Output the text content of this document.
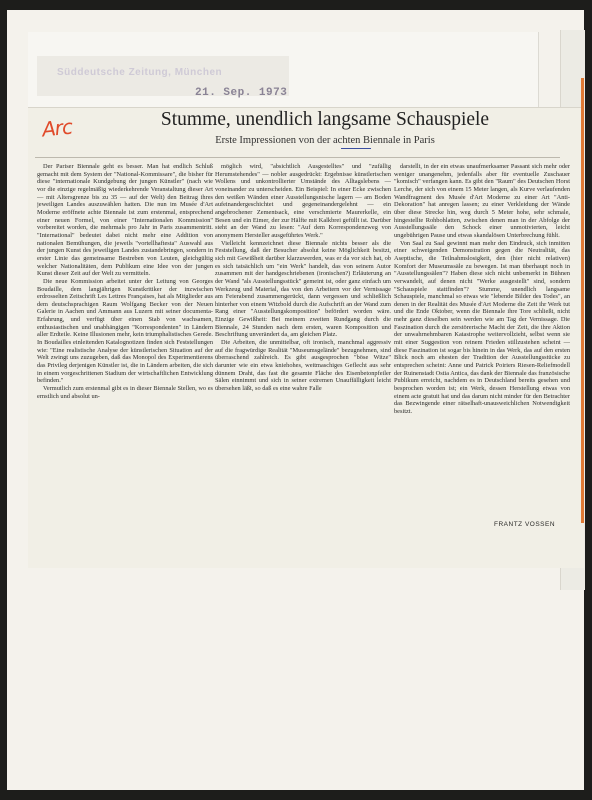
Süddeutsche Zeitung, München
21. Sep. 1973
Arc	Stumme, unendlich langsame Schauspiele
Erste Impressionen von der achten Biennale in Paris

Der Pariser Biennale geht es besser. Man hat endlich Schluß gemacht mit dem System der "National-Kommissare", die bisher für diese "internationale Kundgebung der jungen Künstler" (nach wie vor die einzige regelmäßig wiederkehrende Veranstaltung dieser Art — mit Altersgrenze bis zu 35 — auf der Welt) den Beitrag ihres jeweiligen Landes auszuwählen hatten. Die nun im Musée d'Art Moderne eröffnete achte Biennale ist zum erstenmal, entsprechend einer neuen Formel, von einer "Internationalen Kommission" vorbereitet worden, die mehrmals pro Jahr in Paris zusammentritt. "International" bedeutet dabei nicht mehr eine Addition von nationalen Bemühungen, die jeweils "vortellhaftesta" Auswahl aus der jungen Kunst des jeweiligen Landes zustandebringen, sondern in erster Linie das gemeinsame Bestreben von Leuten, gleichgültig welcher Nationalitäten, dem Publikum eine Idee von der jungen Kunst dieser Zeit auf der Welt zu vermitteln.

Die neue Kommission arbeitet unter der Leitung von Georges Boudaille, dem langjährigen Kunstkritiker der inzwischen erdrosselten Zeitschrift Les Lettres Françaises, hat als Mitglieder aus dem deutschsprachigen Raum Wolfgang Becker von der Neuen Galerie in Aachen und Ammann aus Luzern mit seiner documenta-Erfahrung, und verfügt über einen Stab von wachsamen, enthusiastischen und unabhängigen "Korrespondenten" in Ländern aller Erdteile. Keine Illusionen mehr, kein triumphalistisches Gerede. In Boudailles einleitenden Katalognotizen finden sich Feststellungen wie: "Eine realistische Analyse der künstlerischen Situation auf der Welt zwingt uns zuzugeben, daß das Monopol des Experimentierens das Privileg derjenigen Künstler ist, die in Ländern arbeiten, die sich in einem vorgeschrittenen Stadium der wirtschaftlichen Entwicklung befinden."

Vermutlich zum erstenmal gibt es in dieser Biennale Stellen, wo es ernstlich und absolut un-

möglich wird, "absichtlich Ausgestelltes" und "zufällig Herumstehendes" — nobler ausgedrückt: Ergebnisse künstlerischen Wollens und unkontrollierter Umstände des Alltagslebens — voneinander zu unterscheiden. Ein Beispiel: In einer Ecke zwischen den weißen Wänden einer Ausstellungsnische lagern — am Boden aufeinandergeschichtet und gegeneinandergelehnt — ein angebrochener Zementsack, eine verschmierte Maurerkelle, ein Besen und ein Eimer, der zur Hälfte mit Kalkbrei gefüllt ist. Darüber steht an der Wand zu lesen: "Auf dem Korrespondenzweg von anonymem Hersteller ausgeführtes Werk."

Vielleicht kennzeichnet diese Biennale nichts besser als die Feststellung, daß der Besucher absolut keine Möglichkeit besitzt, sich mit Gewißheit darüber klarzuwerden, was er da vor sich hat, ob es sich tatsächlich um "ein Werk" handelt, das von seinem Autor zusammen mit der handgeschriebenen (ironischen?) Erläuterung an der Wand "als Ausstellungsstück" gemeint ist, oder ganz einfach um Werkzeug und Material, das von den Arbeitern vor der Vernissage am Feierabend zusammengerückt, dann vergessen und schließlich hinterher von einem Witzbold durch die Aufschrift an der Wand zum Rang einer "Ausstellungskomposition" befördert worden wäre. Einzige Gewißheit: Bei meinem zweiten Rundgang durch die Biennale, 24 Stunden nach dem ersten, waren Komposition und Beschriftung unverändert da, am gleichen Platz.

Die Arbeiten, die unmittelbar, oft ironisch, manchmal aggressiv auf die fragwürdige Realität "Museumsgelände" bezugnehmen, sind überraschend zahlreich. Es gibt ausgesprochen "böse Witze" darunter wie ein etwa kniehohes, weitmaschiges Geflecht aus sehr dünnem Draht, das fast die gesamte Fläche des Eisenbetonpfeiler Sälen einnimmt und sich in seiner extremen Unauffälligkeit leicht übersehen läßt, so daß es eine wahre Falle

darstellt, in der ein etwas unaufmerksamer Passant sich mehr oder weniger unangenehm, jedenfalls aber für eventuelle Zuschauer "komisch" verfangen kann. Es gibt den "Raum" des Deutschen Horst Lerche, der sich von einem 15 Meter langen, als Kurve verlaufenden Wandfragment des Musée d'Art Moderne zu einer Art "Anti-Dekoration" hat anregen lassen; zu einer Verkleidung der Wände über diese Strecke hin, weg durch 5 Meter hohe, sehr schmale, hingestellte Rohbohlatten, zwischen denen man in der Abfolge der Ausstellungssäle den Schock einer unmotivierten, leicht ungebührigen Pause und etwas skandalösen Unterbrechung fühlt.

Von Saal zu Saal gewinnt man mehr den Eindruck, sich inmitten einer schweigenden Demonstration gegen die Neutralität, das Aseptische, die Teilnahmslosigkeit, den (hier nicht relativen) Komfort der Museumssäle zu bewegen. Ist man überhaupt noch in "Ausstellungssälen"? Haben diese sich nicht unbemerkt in Bühnen verwandelt, auf denen nicht "Werke ausgestellt" sind, sondern "Schauspiele stattfinden"? Stumme, unendlich langsame Schauspiele, manchmal so etwas wie "lebende Bilder des Todes", an denen in der Realität des Musée d'Art Moderne die Zeit ihr Werk tut und die Ende Oktober, wenn die Biennale ihre Tore schließt, nicht mehr ganz dieselben sein werden wie am Tag der Vernissage. Die Faszination durch die zerstörerische Macht der Zeit, die ihre Aktion der unwahrnehmbaren Katastrophe weitervollzieht, selbst wenn sie mit einer Suggestion von reinem Frieden stillzustehen scheint — diese Faszination ist sogar bis hinein in das Werk, das auf den ersten Blick noch am ehesten der Tradition der Ausstellungsstücke zu entsprechen scheint: Anne und Patrick Poiriers Riesen-Reliefmodell der Ruinenstadt Ostia Antica, das dank der Biennale das französische Publikum erreicht, nachdem es in Deutschland bereits gesehen und besprochen worden ist; ein Werk, dessen Herstellung etwas von einem acte gratuit hat und das darum nicht minder für den Betrachter das Bezwingende einer rätselhaft-unausweichlichen Notwendigkeit besitzt.

FRANTZ VOSSEN
